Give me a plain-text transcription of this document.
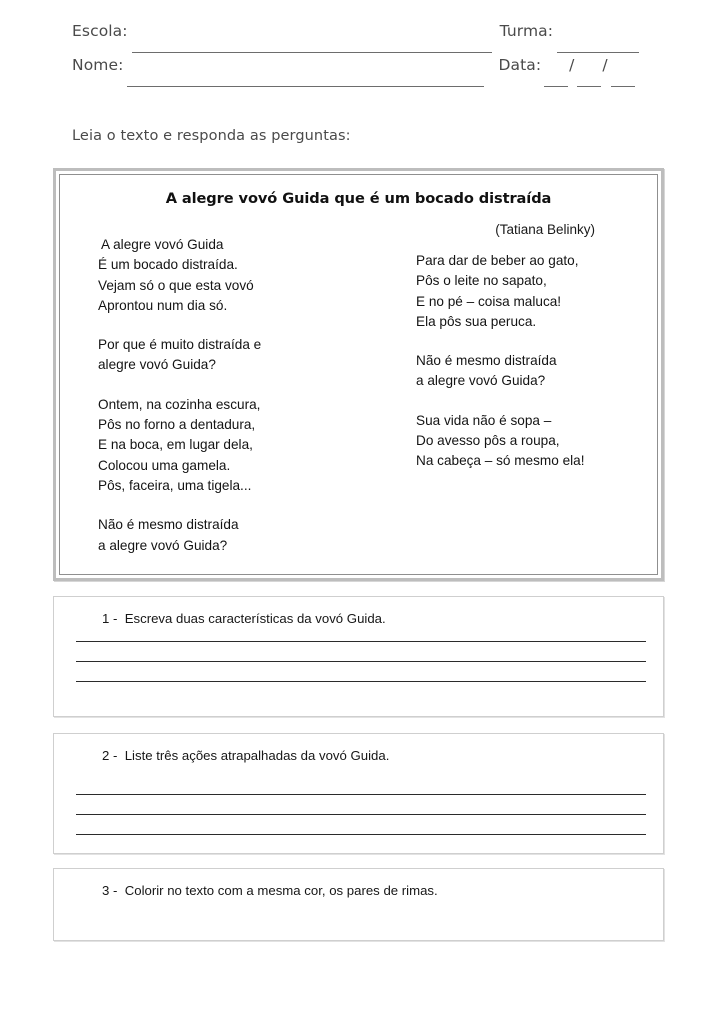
Escola:	Turma:
Nome:	Data: / /
Leia o texto e responda as perguntas:
A alegre vovó Guida que é um bocado distraída
(Tatiana Belinky)
A alegre vovó Guida
É um bocado distraída.
Vejam só o que esta vovó
Aprontou num dia só.
Por que é muito distraída e
alegre vovó Guida?
Ontem, na cozinha escura,
Pôs no forno a dentadura,
E na boca, em lugar dela,
Colocou uma gamela.
Pôs, faceira, uma tigela...
Não é mesmo distraída
a alegre vovó Guida?
Para dar de beber ao gato,
Pôs o leite no sapato,
E no pé – coisa maluca!
Ela pôs sua peruca.
Não é mesmo distraída
a alegre vovó Guida?
Sua vida não é sopa –
Do avesso pôs a roupa,
Na cabeça – só mesmo ela!
1 -  Escreva duas características da vovó Guida.
2 -  Liste três ações atrapalhadas da vovó Guida.
3 -  Colorir no texto com a mesma cor, os pares de rimas.
